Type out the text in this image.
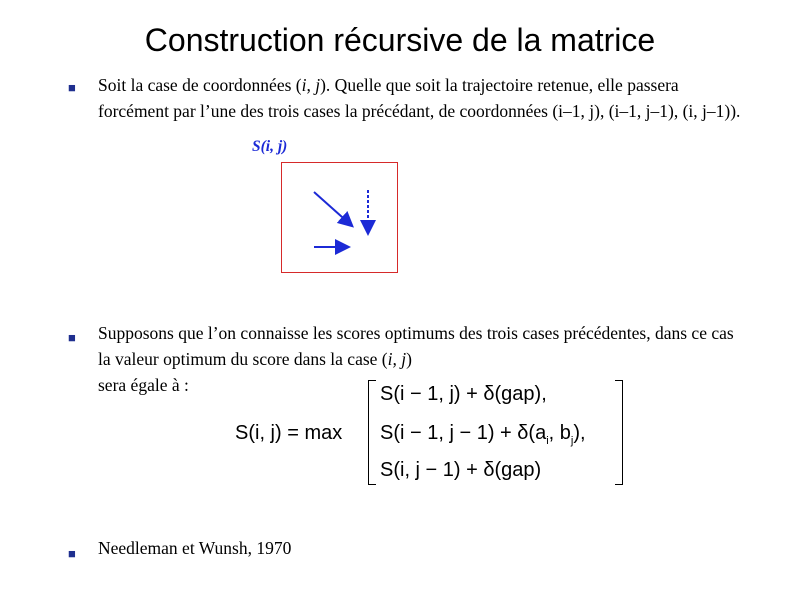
Construction récursive de la matrice
■ Soit la case de coordonnées (i, j). Quelle que soit la trajectoire retenue, elle passera forcément par l’une des trois cases la précédant, de coordonnées (i–1, j), (i–1, j–1), (i, j–1)).
S(i, j)
■ Supposons que l’on connaisse les scores optimums des trois cases précédentes, dans ce cas la valeur optimum du score dans la case (i, j)
sera égale à :
S(i, j) = max
S(i − 1, j) + δ(gap),
S(i − 1, $j - 1) + \delta(a_i$, $b_j$),
S(i, j − 1) + δ(gap)
■ Needleman et Wunsh, 1970
